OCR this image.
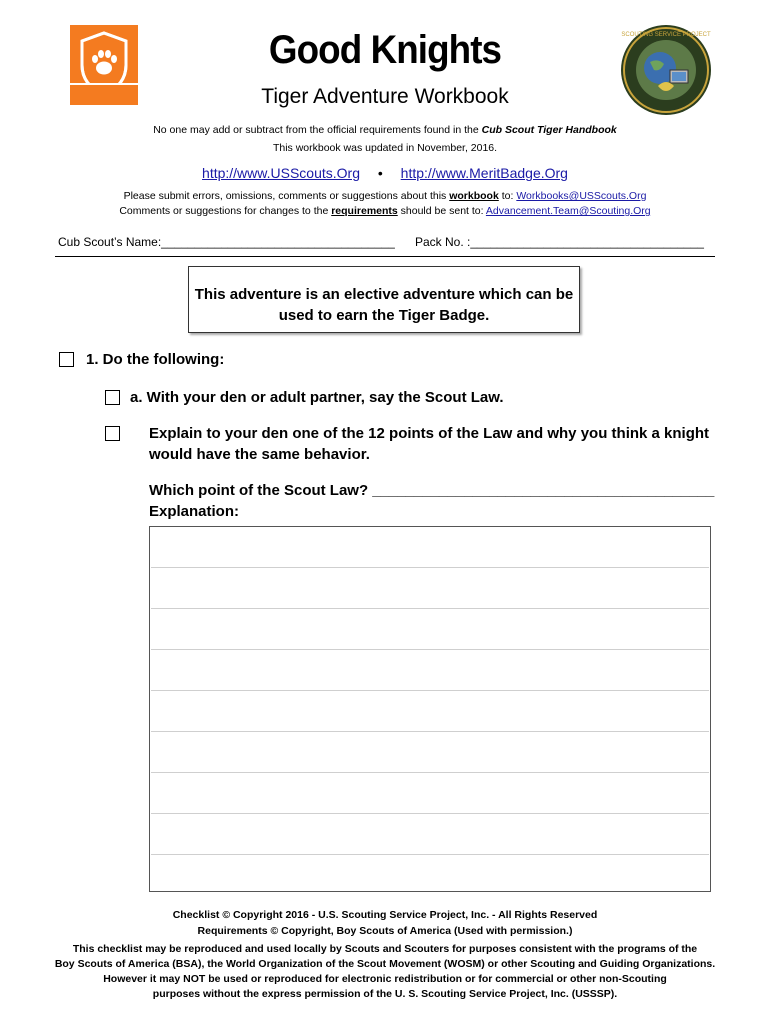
SCOUTING SERVICE PROJECT
Good Knights
Tiger Adventure Workbook
No one may add or subtract from the official requirements found in the Cub Scout Tiger Handbook
This workbook was updated in November, 2016.
http://www.USScouts.Org • http://www.MeritBadge.Org
Please submit errors, omissions, comments or suggestions about this workbook to: Workbooks@USScouts.Org
Comments or suggestions for changes to the requirements should be sent to: Advancement.Team@Scouting.Org
Cub Scout’s Name:___________________________________ Pack No. :___________________________________
This adventure is an elective adventure which can be
used to earn the Tiger Badge.
1. Do the following:
a. With your den or adult partner, say the Scout Law.
Explain to your den one of the 12 points of the Law and why you think a knight
would have the same behavior.
Which point of the Scout Law? _________________________________________
Explanation:
Checklist © Copyright 2016 - U.S. Scouting Service Project, Inc. - All Rights Reserved
Requirements © Copyright, Boy Scouts of America (Used with permission.)
This checklist may be reproduced and used locally by Scouts and Scouters for purposes consistent with the programs of the
Boy Scouts of America (BSA), the World Organization of the Scout Movement (WOSM) or other Scouting and Guiding Organizations.
However it may NOT be used or reproduced for electronic redistribution or for commercial or other non-Scouting
purposes without the express permission of the U. S. Scouting Service Project, Inc. (USSSP).
